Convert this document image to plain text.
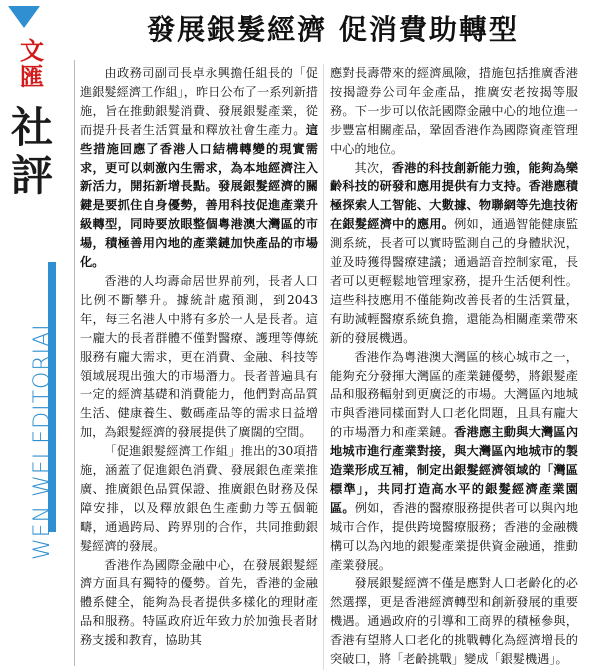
文
匯
社
評
WEN WEI EDITORIAL
發展銀髮經濟 促消費助轉型

由政務司副司長卓永興擔任組長的「促進銀髮經濟工作組」，昨日公布了一系列新措施，旨在推動銀髮消費、發展銀髮產業，從而提升長者生活質量和釋放社會生產力。這些措施回應了香港人口結構轉變的現實需求，更可以刺激內生需求，為本地經濟注入新活力，開拓新增長點。發展銀髮經濟的關鍵是要抓住自身優勢，善用科技促進產業升級轉型，同時要放眼整個粵港澳大灣區的市場，積極善用內地的產業鏈加快產品的市場化。

香港的人均壽命居世界前列，長者人口比例不斷攀升。據統計處預測，到2043年，每三名港人中將有多於一人是長者。這一龐大的長者群體不僅對醫療、護理等傳統服務有龐大需求，更在消費、金融、科技等領域展現出強大的市場潛力。長者普遍具有一定的經濟基礎和消費能力，他們對高品質生活、健康養生、數碼產品等的需求日益增加，為銀髮經濟的發展提供了廣闊的空間。

「促進銀髮經濟工作組」推出的30項措施，涵蓋了促進銀色消費、發展銀色產業推廣、推廣銀色品質保證、推廣銀色財務及保障安排，以及釋放銀色生產動力等五個範疇，通過跨局、跨界別的合作，共同推動銀髮經濟的發展。

香港作為國際金融中心，在發展銀髮經濟方面具有獨特的優勢。首先，香港的金融體系健全，能夠為長者提供多樣化的理財產品和服務。特區政府近年致力於加強長者財務支援和教育，協助其

應對長壽帶來的經濟風險，措施包括推廣香港按揭證券公司年金產品，推廣安老按揭等服務。下一步可以依託國際金融中心的地位進一步豐富相關產品，鞏固香港作為國際資產管理中心的地位。

其次，香港的科技創新能力強，能夠為樂齡科技的研發和應用提供有力支持。香港應積極探索人工智能、大數據、物聯網等先進技術在銀髮經濟中的應用。例如，通過智能健康監測系統，長者可以實時監測自己的身體狀況，並及時獲得醫療建議；通過語音控制家電，長者可以更輕鬆地管理家務，提升生活便利性。這些科技應用不僅能夠改善長者的生活質量，有助減輕醫療系統負擔，還能為相關產業帶來新的發展機遇。

香港作為粵港澳大灣區的核心城市之一，能夠充分發揮大灣區的產業鏈優勢，將銀髮產品和服務輻射到更廣泛的市場。大灣區內地城市與香港同樣面對人口老化問題，且具有龐大的市場潛力和產業鏈。香港應主動與大灣區內地城市進行產業對接，與大灣區內地城市的製造業形成互補，制定出銀髮經濟領域的「灣區標準」，共同打造高水平的銀髮經濟產業園區。例如，香港的醫療服務提供者可以與內地城市合作，提供跨境醫療服務；香港的金融機構可以為內地的銀髮產業提供資金融通，推動產業發展。

發展銀髮經濟不僅是應對人口老齡化的必然選擇，更是香港經濟轉型和創新發展的重要機遇。通過政府的引導和工商界的積極參與，香港有望將人口老化的挑戰轉化為經濟增長的突破口，將「老齡挑戰」變成「銀髮機遇」。
